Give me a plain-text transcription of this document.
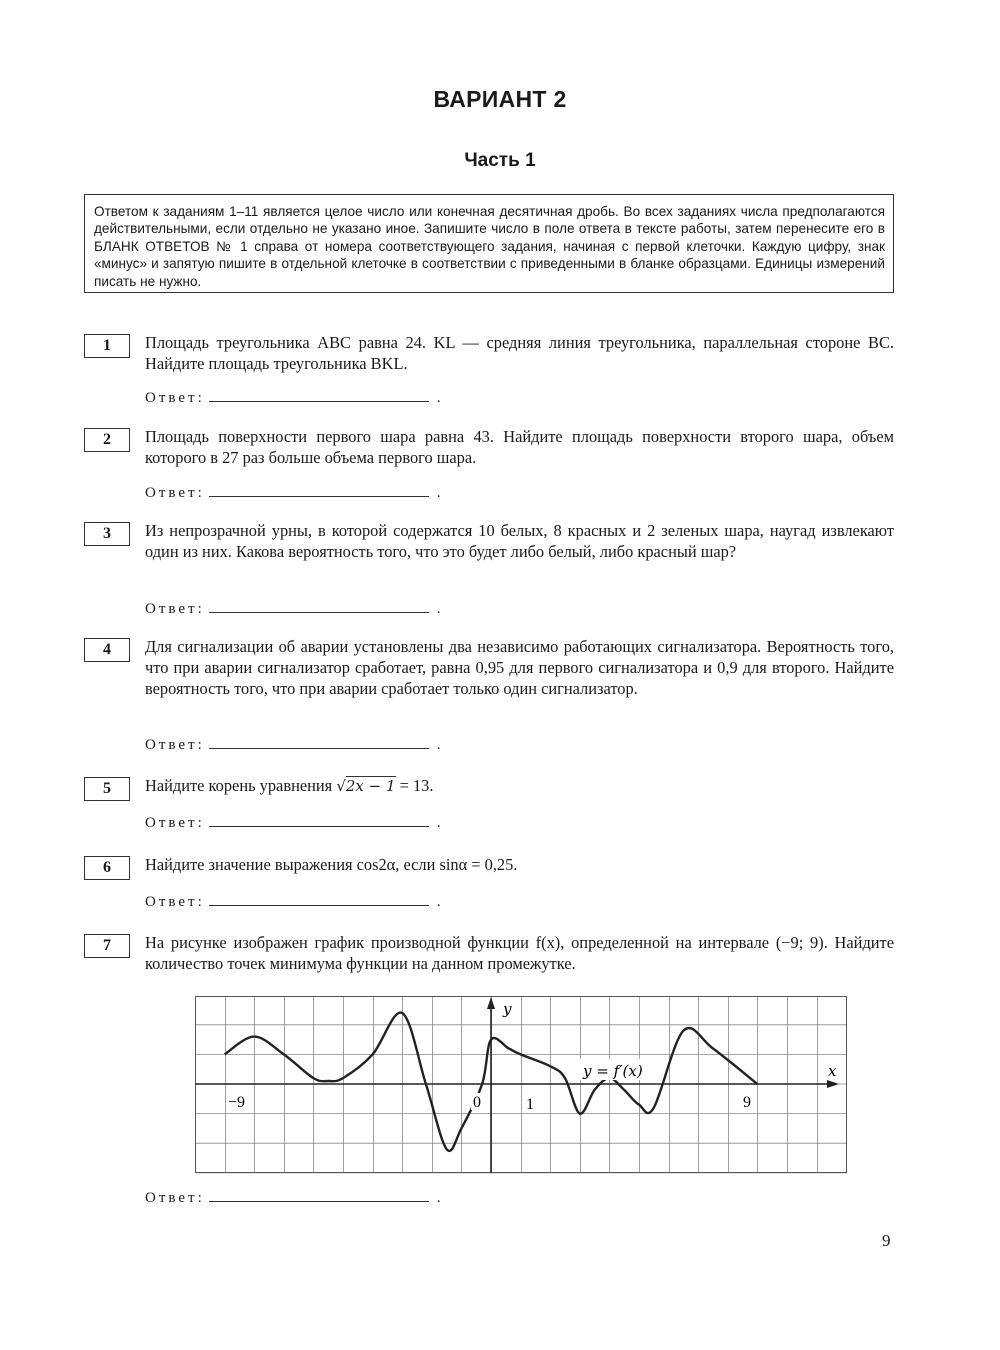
ВАРИАНТ 2
Часть 1
Ответом к заданиям 1–11 является целое число или конечная десятичная дробь. Во всех заданиях числа предполагаются действительными, если отдельно не указано иное. Запишите число в поле ответа в тексте работы, затем перенесите его в БЛАНК ОТВЕТОВ № 1 справа от номера соответствующего задания, начиная с первой клеточки. Каждую цифру, знак «минус» и запятую пишите в отдельной клеточке в соответствии с приведенными в бланке образцами. Единицы измерений писать не нужно.
1	Площадь треугольника ABC равна 24. KL — средняя линия треугольника, параллельная стороне BC. Найдите площадь треугольника BKL.
Ответ:	.
2	Площадь поверхности первого шара равна 43. Найдите площадь поверхности второго шара, объем которого в 27 раз больше объема первого шара.
Ответ:	.
3	Из непрозрачной урны, в которой содержатся 10 белых, 8 красных и 2 зеленых шара, наугад извлекают один из них. Какова вероятность того, что это будет либо белый, либо красный шар?
Ответ:	.
4	Для сигнализации об аварии установлены два независимо работающих сигнализатора. Вероятность того, что при аварии сигнализатор сработает, равна 0,95 для первого сигнализатора и 0,9 для второго. Найдите вероятность того, что при аварии сработает только один сигнализатор.
Ответ:	.
5	Найдите корень уравнения √2x − 1 = 13.
Ответ:	.
6	Найдите значение выражения cos2α, если sinα = 0,25.
Ответ:	.
7	На рисунке изображен график производной функции f(x), определенной на интервале (−9; 9). Найдите количество точек минимума функции на данном промежутке.
Ответ:	.
y = f′(x)	x
y
−9	0	1	9
9
